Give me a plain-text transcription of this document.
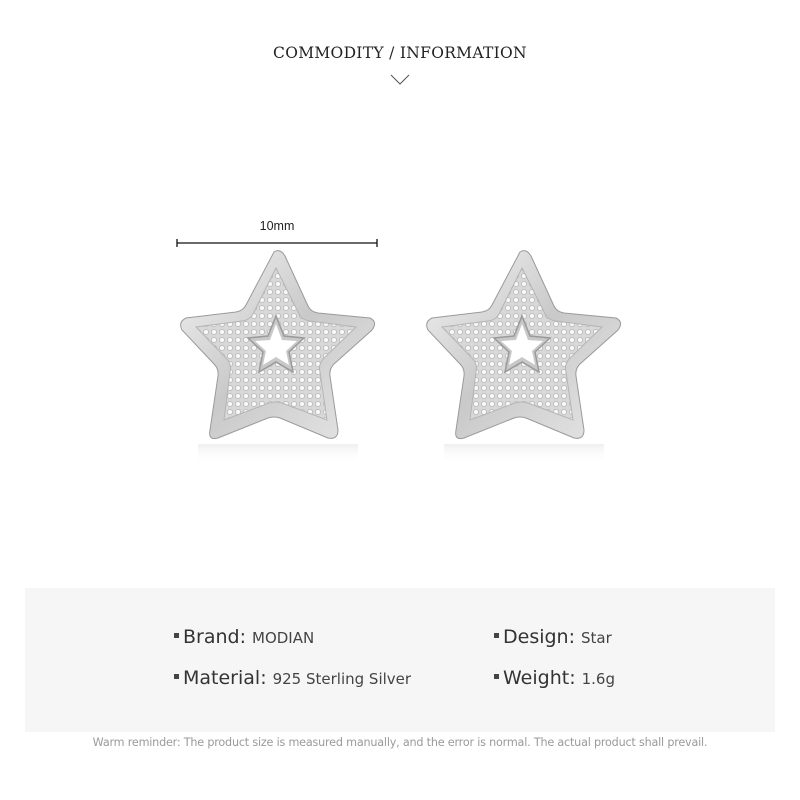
COMMODITY / INFORMATION
10mm
Brand: MODIAN	Design: Star
Material: 925 Sterling Silver	Weight: 1.6g
Warm reminder: The product size is measured manually, and the error is normal. The actual product shall prevail.
